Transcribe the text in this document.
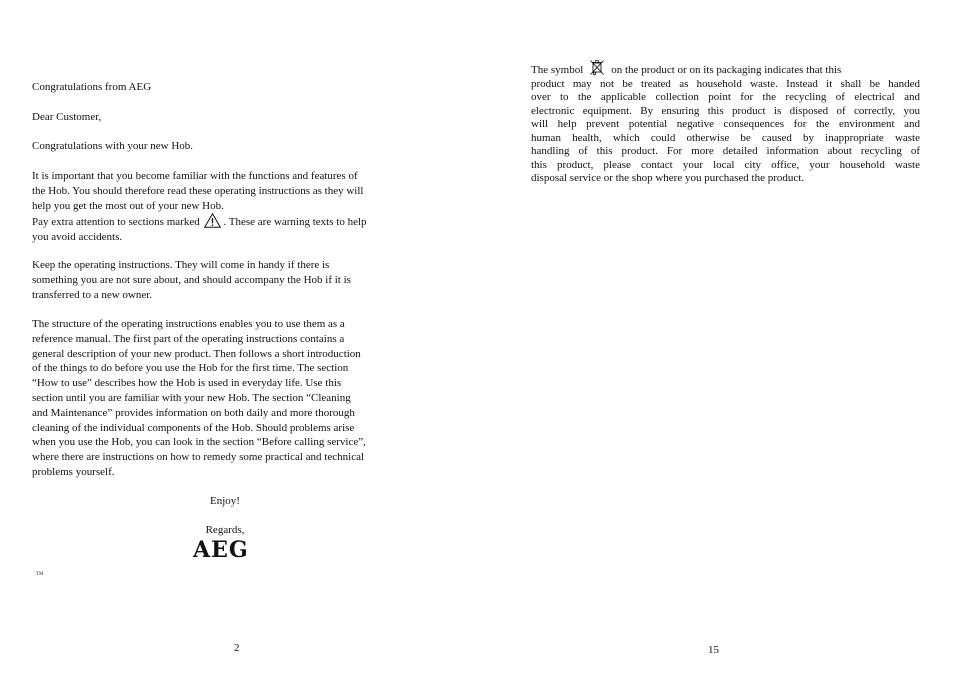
Congratulations from AEG

Dear Customer,

Congratulations with your new Hob.

It is important that you become familiar with the functions and features of
the Hob. You should therefore read these operating instructions as they will
help you get the most out of your new Hob.
Pay extra attention to sections marked . These are warning texts to help
you avoid accidents.

Keep the operating instructions. They will come in handy if there is
something you are not sure about, and should accompany the Hob if it is
transferred to a new owner.

The structure of the operating instructions enables you to use them as a
reference manual. The first part of the operating instructions contains a
general description of your new product. Then follows a short introduction
of the things to do before you use the Hob for the first time. The section
“How to use” describes how the Hob is used in everyday life. Use this
section until you are familiar with your new Hob. The section “Cleaning
and Maintenance” provides information on both daily and more thorough
cleaning of the individual components of the Hob. Should problems arise
when you use the Hob, you can look in the section “Before calling service”,
where there are instructions on how to remedy some practical and technical
problems yourself.

Enjoy!
Regards,
AEG
TM
2

The symbol	on the product or on its packaging indicates that this
product may not be treated as household waste. Instead it shall be handed
over to the applicable collection point for the recycling of electrical and
electronic equipment. By ensuring this product is disposed of correctly, you
will help prevent potential negative consequences for the environment and
human health, which could otherwise be caused by inappropriate waste
handling of this product. For more detailed information about recycling of
this product, please contact your local city office, your household waste
disposal service or the shop where you purchased the product.

15
